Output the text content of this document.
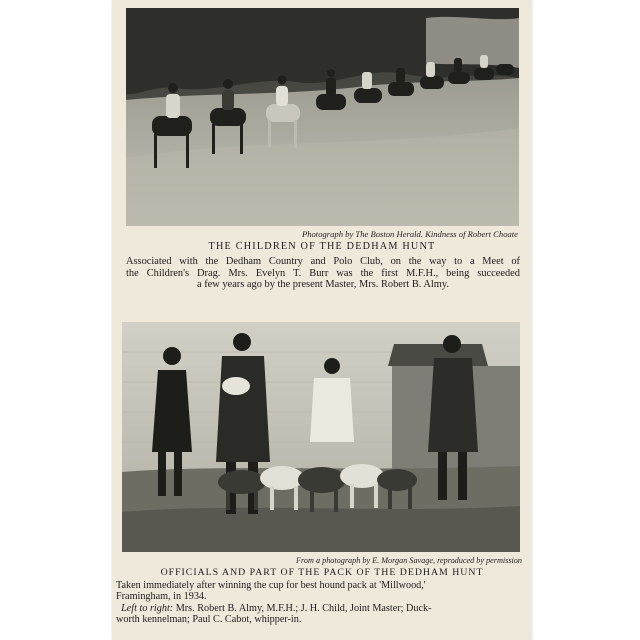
Photograph by The Boston Herald. Kindness of Robert Choate
THE CHILDREN OF THE DEDHAM HUNT
Associated with the Dedham Country and Polo Club, on the way to a Meet of
the Children's Drag. Mrs. Evelyn T. Burr was the first M.F.H., being succeeded
a few years ago by the present Master, Mrs. Robert B. Almy.
From a photograph by E. Morgan Savage, reproduced by permission
OFFICIALS AND PART OF THE PACK OF THE DEDHAM HUNT
Taken immediately after winning the cup for best hound pack at 'Millwood,'
Framingham, in 1934.
Left to right: Mrs. Robert B. Almy, M.F.H.; J. H. Child, Joint Master; Duck-
worth kennelman; Paul C. Cabot, whipper-in.
